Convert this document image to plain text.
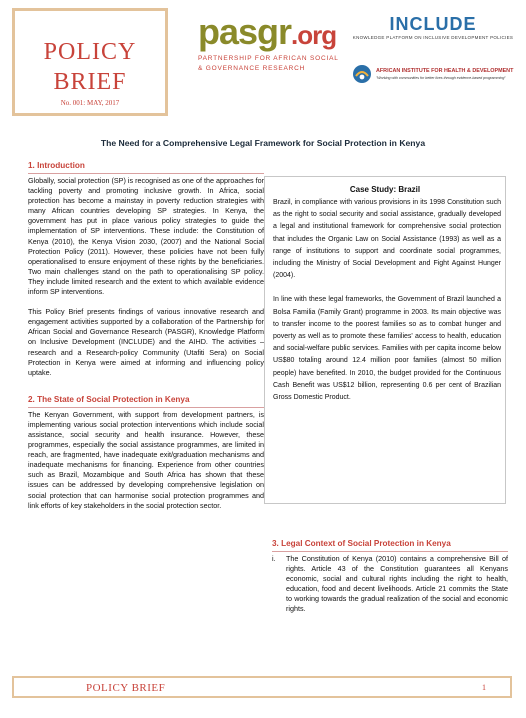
POLICY
BRIEF
No. 001: MAY, 2017
pasgr.org
PARTNERSHIP FOR AFRICAN SOCIAL
& GOVERNANCE RESEARCH
INCLUDE
KNOWLEDGE PLATFORM ON INCLUSIVE DEVELOPMENT POLICIES
AFRICAN INSTITUTE FOR HEALTH & DEVELOPMENT
"Working with communities for better lives through evidence-based programming"
The Need for a Comprehensive Legal Framework for Social Protection in Kenya
1. Introduction

Globally, social protection (SP) is recognised as one of the approaches for tackling poverty and promoting inclusive growth. In Africa, social protection has become a mainstay in poverty reduction strategies with many African countries developing SP strategies. In Kenya, the government has put in place various policy strategies to guide the implementation of SP interventions. These include: the Constitution of Kenya (2010), the Kenya Vision 2030, (2007) and the National Social Protection Policy (2011). However, these policies have not been fully operationalised to ensure enjoyment of these rights by the beneficiaries. Two main challenges stand on the path to operationalising SP policy. They include limited research and the extent to which available evidence inform SP interventions.

This Policy Brief presents findings of various innovative research and engagement activities supported by a collaboration of the Partnership for African Social and Governance Research (PASGR), Knowledge Platform on Inclusive Development (INCLUDE) and the AIHD. The activities – research and a Research-policy Community (Utafiti Sera) on Social Protection in Kenya were aimed at informing and influencing policy uptake.

2. The State of Social Protection in Kenya

The Kenyan Government, with support from development partners, is implementing various social protection interventions which include social assistance, social security and health insurance. However, these programmes, especially the social assistance programmes, are limited in reach, are fragmented, have inadequate exit/graduation mechanisms and inadequate mechanisms for financing. Experience from other countries such as Brazil, Mozambique and South Africa has shown that these issues can be addressed by developing comprehensive legislation on social protection that can harmonise social protection programmes and link efforts of key stakeholders in the social protection sector.

Case Study: Brazil

Brazil, in compliance with various provisions in its 1998 Constitution such as the right to social security and social assistance, gradually developed a legal and institutional framework for comprehensive social protection that includes the Organic Law on Social Assistance (1993) as well as a range of institutions to support and coordinate social programmes, including the Ministry of Social Development and Fight Against Hunger (2004).

In line with these legal frameworks, the Government of Brazil launched a Bolsa Familia (Family Grant) programme in 2003. Its main objective was to transfer income to the poorest families so as to combat hunger and poverty as well as to promote these families' access to health, education and social-welfare public services. Families with per capita income below US$80 totaling around 12.4 million poor families (almost 50 million people) have benefited. In 2010, the budget provided for the Continuous Cash Benefit was US$12 billion, representing 0.6 per cent of Brazilian Gross Domestic Product.

3. Legal Context of Social Protection in Kenya
i.	The Constitution of Kenya (2010) contains a comprehensive Bill of rights. Article 43 of the Constitution guarantees all Kenyans economic, social and cultural rights including the right to health, education, food and decent livelihoods. Article 21 commits the State to working towards the gradual realization of the social and economic rights.
POLICY BRIEF	1
